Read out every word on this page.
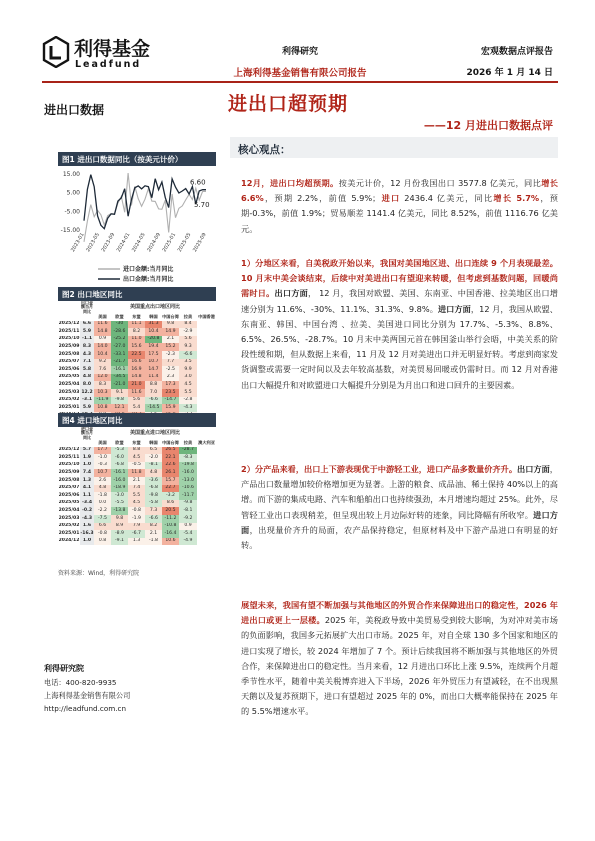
利得基金
Leadfund
利得研究
上海利得基金销售有限公司报告
宏观数据点评报告
2026 年 1 月 14 日
进出口数据
图1 进出口数据同比（按美元计价）
15.00
5.00
-5.00
-15.00
2023-01 2023-05 2023-09 2024-01 2024-05 2024-09 2025-01 2025-05 2025-09
6.60
5.70
进口金额:当月同比
出口金额:当月同比
图2 出口地区同比
	出口金额当月同比	美国重点出口地区同比						
		美国	欧盟	东盟	韩国	中国台湾	拉美	中国香港
2025/12	6.6	11.6	-30	11.1	31.3	9.8	8.4	
2025/11	5.9	14.8	-28.6	8.2	10.4	14.9	-2.9	
2025/10	-1.1	0.9	-25.2	11.0	-20.8	2.1	5.6	
2025/09	8.3	14.0	-27.0	15.6	19.4	15.2	9.3	
2025/08	4.3	10.4	-33.1	22.5	17.5	-2.3	-6.6	
2025/07	7.1	9.2	-21.7	16.6	10.7	7.7	3.5	
2025/06	5.8	7.6	-16.1	16.9	14.7	-2.5	9.9	
2025/05	4.8	12.0	-34.5	14.8	11.4	2.3	3.0	
2025/04	8.0	8.3	-21.0	21.0	8.8	17.3	4.5	
2025/03	12.2	10.3	9.1	11.6	7.0	23.5	5.5	
2025/02	-3.1	-11.9	-9.8	5.6	-6.6	-14.7	-2.8	
2025/01	5.9	10.8	12.1	5.4	-14.5	15.9	-4.3	

图4 进口地区同比
	进口金额当月同比	美国重点进口地区同比						
		美国	欧盟	东盟	韩国	中国台湾	拉美	澳大利亚
2025/12	5.7	17.7	-5.3	8.8	6.5	26.5	-28.7	
2025/11	1.9	-1.0	-6.0	4.5	-2.0	22.1	-8.3	
2025/10	1.0	-0.3	-6.8	-0.5	-8.1	22.6	-19.8	
2025/09	7.4	10.7	-16.1	11.8	4.8	26.1	-16.0	
2025/08	1.3	2.6	-16.0	2.1	-3.6	15.7	-13.0	
2025/07	4.1	4.8	-18.9	7.4	-6.8	22.7	-10.6	
2025/06	1.1	-1.8	-3.0	5.5	-9.8	-3.2	-11.7	
2025/05	-3.4	0.0	-5.5	4.5	-5.8	8.6	-9.8	
2025/04	-0.2	-2.2	-13.8	-0.8	7.3	20.5	-8.1	
2025/03	-4.3	-7.5	9.8	-1.9	-6.6	-11.2	-9.2	
2025/02	1.6	6.6	8.9	7.9	8.2	-10.8	0.9	
2025/01	-16.3	-0.8	-8.9	-6.7	2.1	-16.4	-5.4	
2024/12	1.0	0.8	-9.1	1.3	-1.8	10.6	-4.9	
资料来源：Wind，利得研究院
利得研究院
电话：400-820-9935
上海利得基金销售有限公司
http://leadfund.com.cn
进出口超预期
——12 月进出口数据点评
核心观点：
12月，进出口均超预期。按美元计价，12 月份我国出口 3577.8 亿美元，同比增长 6.6%，预期 2.2%，前值 5.9%；进口 2436.4 亿美元，同比增长 5.7%，预期-0.3%，前值 1.9%；贸易顺差 1141.4 亿美元，同比 8.52%，前值 1116.76 亿美元。
1）分地区来看，自美税政开始以来，我国对美国地区进、出口连续 9 个月表现最差。10 月末中美会谈结束，后续中对美进出口有望迎来转暖，但考虑到基数问题，回暖尚需时日。出口方面， 12 月，我国对欧盟、美国、东南亚、中国香港、拉美地区出口增速分别为 11.6%、-30%、11.1%、31.3%、9.8%。进口方面，12 月，我国从欧盟、东南亚、韩国、中国台湾 、拉美、美国进口同比分别为 17.7%、-5.3%、8.8%、6.5%、26.5%、-28.7%。10 月末中美两国元首在韩国釜山举行会晤，中美关系的阶段性缓和期，但从数据上来看，11 月及 12 月对美进出口并无明显好转。考虑到商家发货调整或需要一定时间以及去年较高基数，对美贸易回暖或仍需时日。而 12 月对香港出口大幅提升和对欧盟进口大幅提升分别是为月出口和进口回升的主要因素。
2）分产品来看，出口上下游表现优于中游轻工业，进口产品多数量价齐升。出口方面，产品出口数量增加较价格增加更为显著。上游的粮食、成品油、稀土保持 40%以上的高增。而下游的集成电路、汽车和船舶出口也持续强劲，本月增速均超过 25%。此外，尽管轻工业出口表现稍差，但呈现出较上月边际好转的迹象，同比降幅有所收窄。进口方面，出现量价齐升的局面，农产品保持稳定，但原材料及中下游产品进口有明显的好转。
展望未来，我国有望不断加强与其他地区的外贸合作来保障进出口的稳定性，2026 年进出口或更上一层楼。2025 年，美税政导致中美贸易受到较大影响，为对冲对美市场的负面影响，我国多元拓展扩大出口市场。2025 年，对自全球 130 多个国家和地区的进口实现了增长，较 2024 年增加了 7 个。预计后续我国将不断加强与其他地区的外贸合作，来保障进出口的稳定性。当月来看，12 月进出口环比上涨 9.5%，连续两个月超季节性水平，随着中美关税博弈进入下半场，2026 年外贸压力有望减轻，在不出现黑天鹅以及复苏预期下，进口有望超过 2025 年的 0%，而出口大概率能保持在 2025 年的 5.5%增速水平。
